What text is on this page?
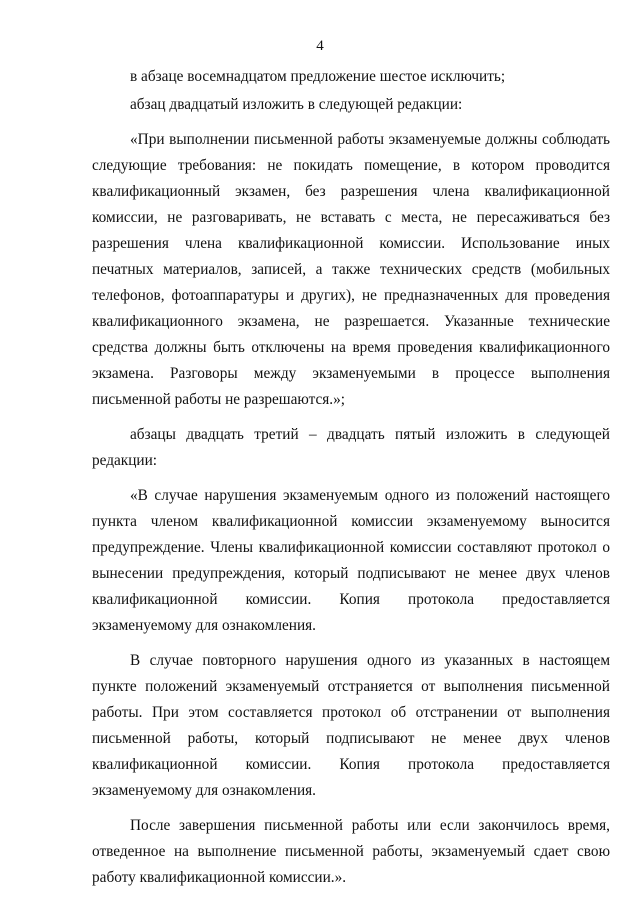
4

в абзаце восемнадцатом предложение шестое исключить;

абзац двадцатый изложить в следующей редакции:

«При выполнении письменной работы экзаменуемые должны соблюдать следующие требования: не покидать помещение, в котором проводится квалификационный экзамен, без разрешения члена квалификационной комиссии, не разговаривать, не вставать с места, не пересаживаться без разрешения члена квалификационной комиссии. Использование иных печатных материалов, записей, а также технических средств (мобильных телефонов, фотоаппаратуры и других), не предназначенных для проведения квалификационного экзамена, не разрешается. Указанные технические средства должны быть отключены на время проведения квалификационного экзамена. Разговоры между экзаменуемыми в процессе выполнения письменной работы не разрешаются.»;

абзацы двадцать третий – двадцать пятый изложить в следующей редакции:

«В случае нарушения экзаменуемым одного из положений настоящего пункта членом квалификационной комиссии экзаменуемому выносится предупреждение. Члены квалификационной комиссии составляют протокол о вынесении предупреждения, который подписывают не менее двух членов квалификационной комиссии. Копия протокола предоставляется экзаменуемому для ознакомления.

В случае повторного нарушения одного из указанных в настоящем пункте положений экзаменуемый отстраняется от выполнения письменной работы. При этом составляется протокол об отстранении от выполнения письменной работы, который подписывают не менее двух членов квалификационной комиссии. Копия протокола предоставляется экзаменуемому для ознакомления.

После завершения письменной работы или если закончилось время, отведенное на выполнение письменной работы, экзаменуемый сдает свою работу квалификационной комиссии.».
